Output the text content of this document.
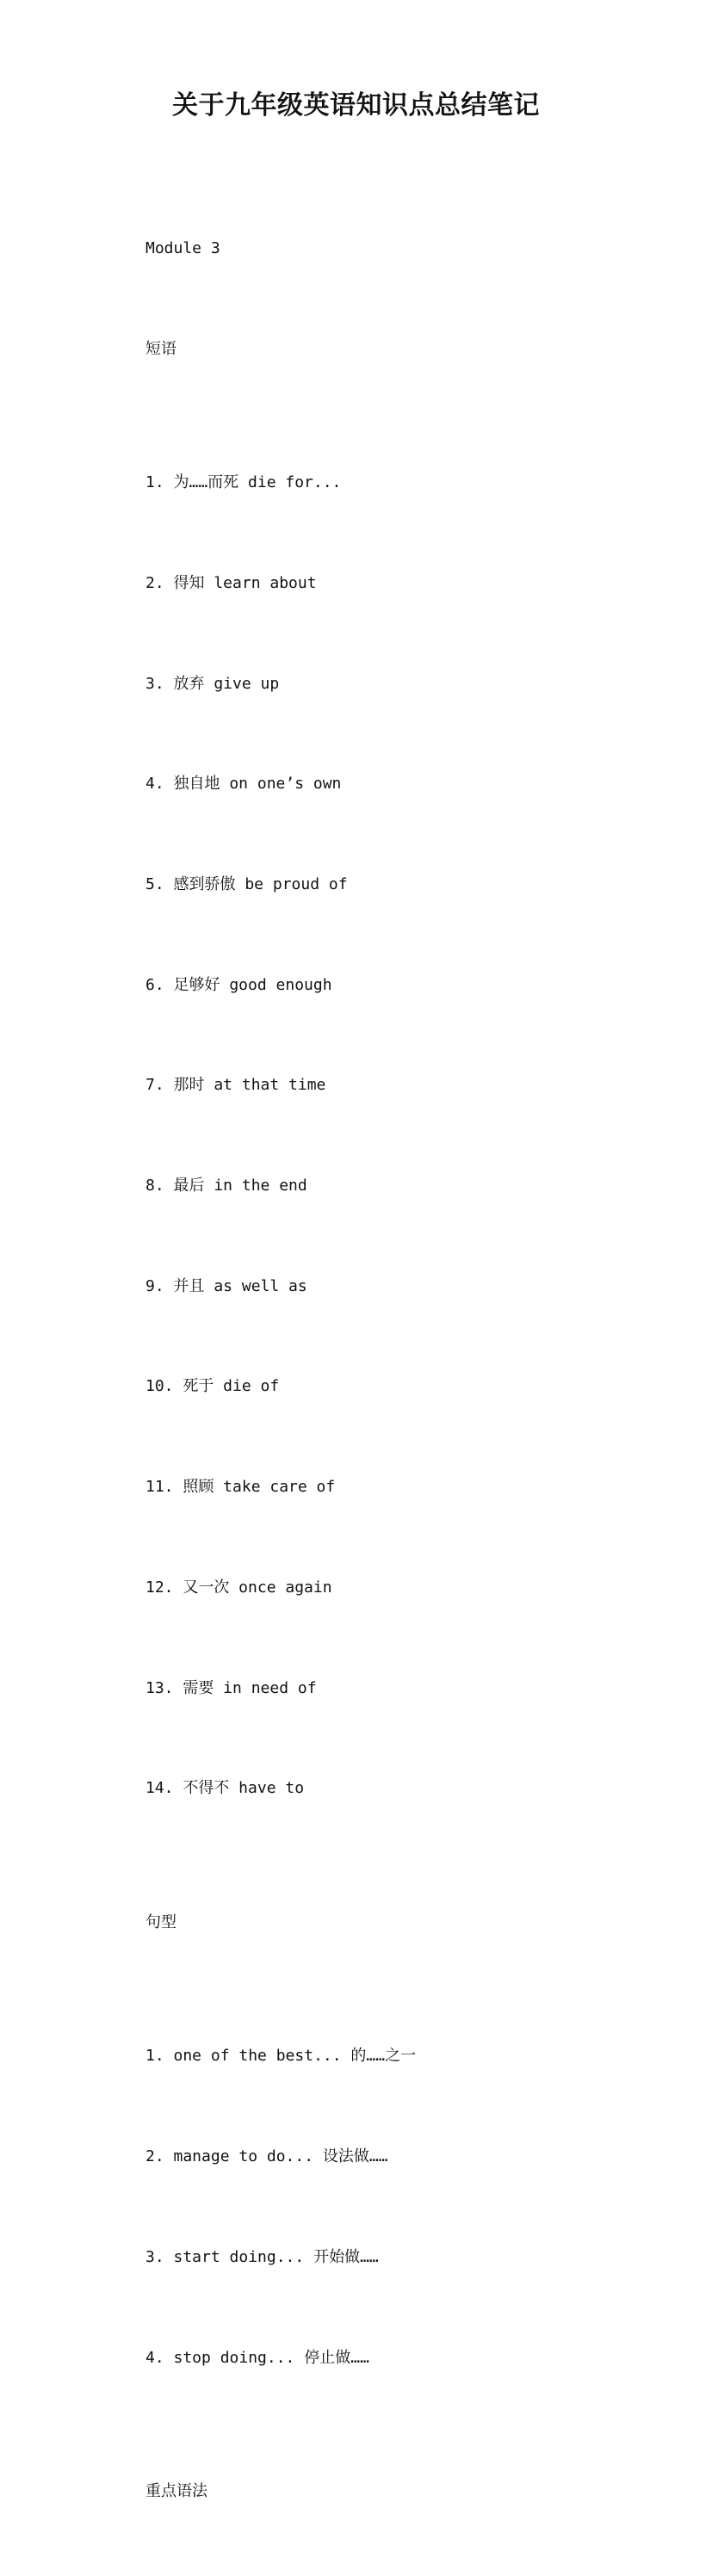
关于九年级英语知识点总结笔记

Module 3

短语

1. 为……而死 die for...

2. 得知 learn about

3. 放弃 give up

4. 独自地 on one’s own

5. 感到骄傲 be proud of

6. 足够好 good enough

7. 那时 at that time

8. 最后 in the end

9. 并且 as well as

10. 死于 die of

11. 照顾 take care of

12. 又一次 once again

13. 需要 in need of

14. 不得不 have to

句型

1. one of the best... 的……之一

2. manage to do... 设法做……

3. start doing... 开始做……

4. stop doing... 停止做……

重点语法
